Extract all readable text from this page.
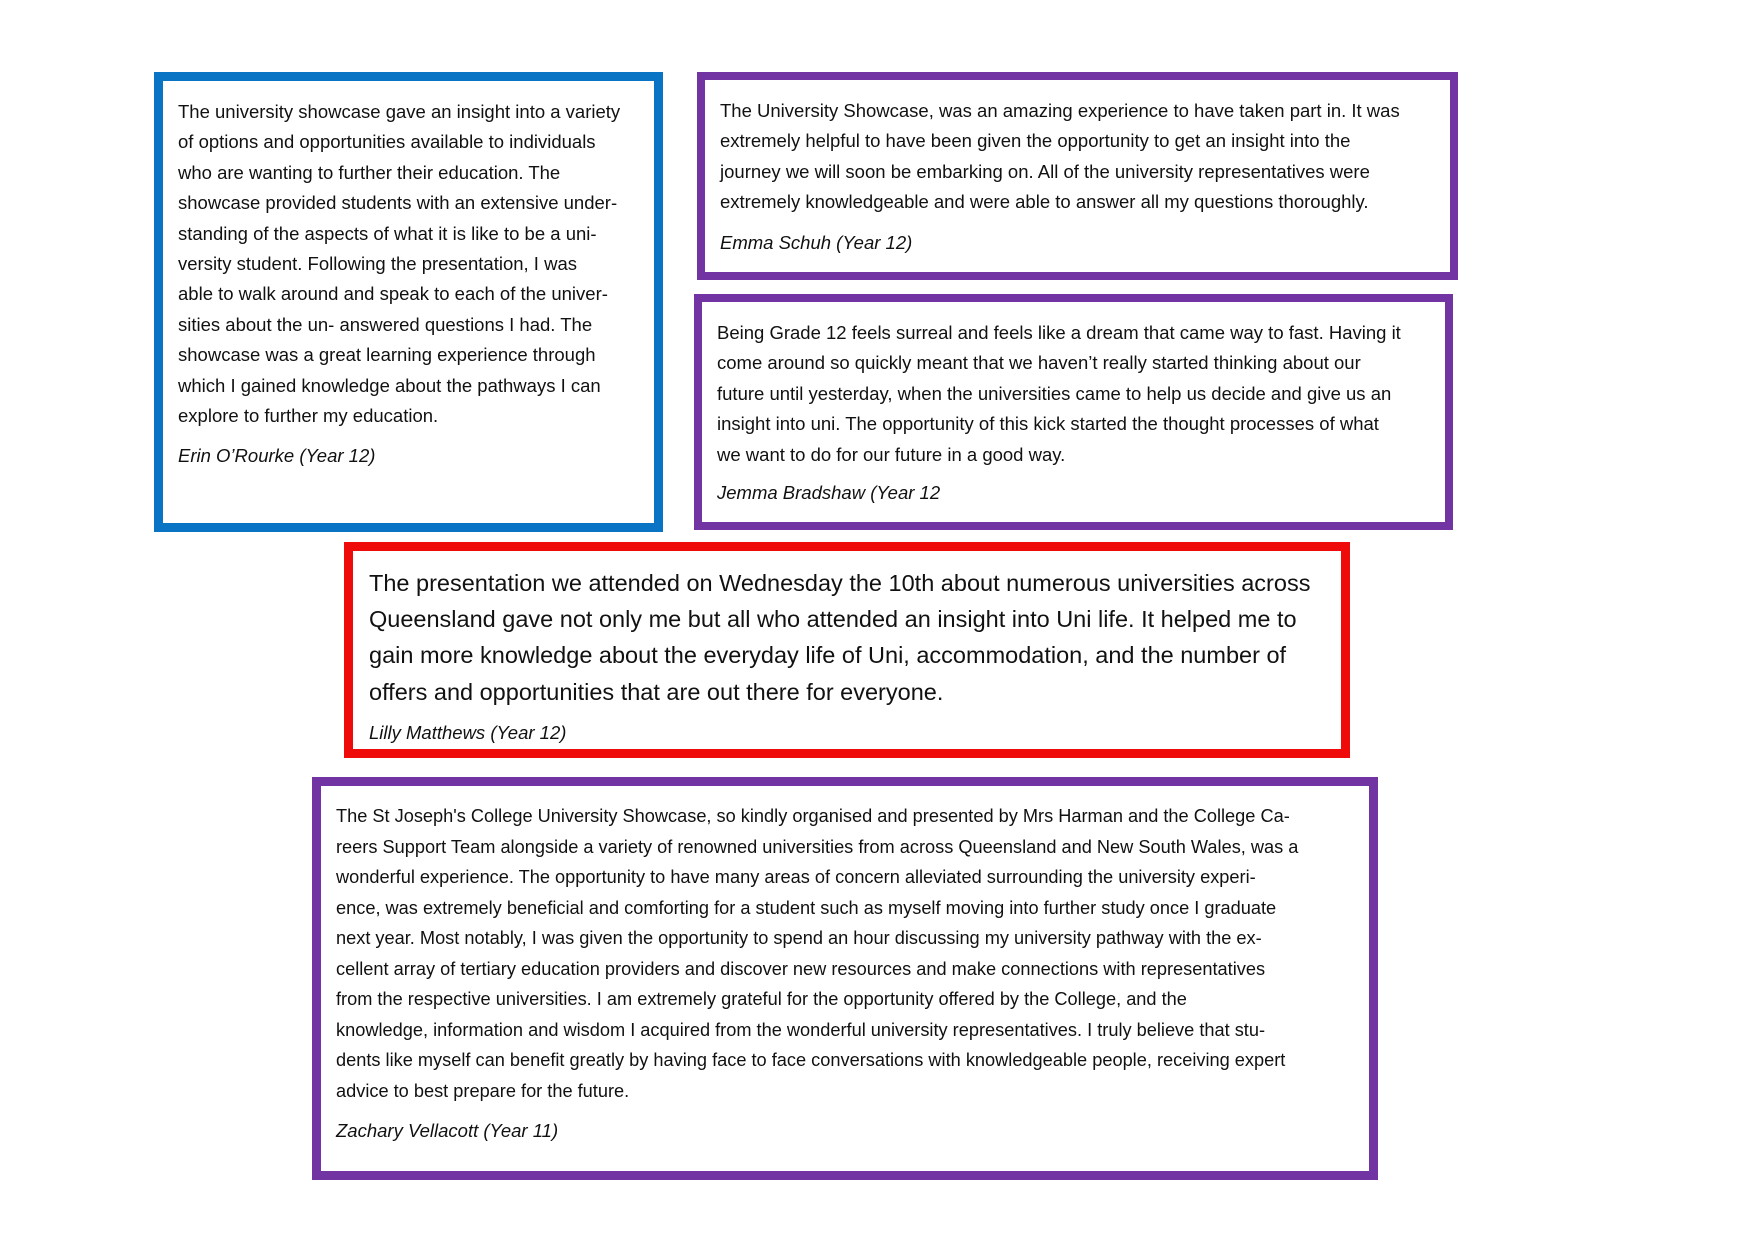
The university showcase gave an insight into a variety
of options and opportunities available to individuals
who are wanting to further their education. The
showcase provided students with an extensive under-
standing of the aspects of what it is like to be a uni-
versity student. Following the presentation, I was
able to walk around and speak to each of the univer-
sities about the un- answered questions I had. The
showcase was a great learning experience through
which I gained knowledge about the pathways I can
explore to further my education.

Erin O’Rourke (Year 12)

The University Showcase, was an amazing experience to have taken part in. It was
extremely helpful to have been given the opportunity to get an insight into the
journey we will soon be embarking on. All of the university representatives were
extremely knowledgeable and were able to answer all my questions thoroughly.

Emma Schuh (Year 12)

Being Grade 12 feels surreal and feels like a dream that came way to fast. Having it
come around so quickly meant that we haven’t really started thinking about our
future until yesterday, when the universities came to help us decide and give us an
insight into uni. The opportunity of this kick started the thought processes of what
we want to do for our future in a good way.

Jemma Bradshaw (Year 12

The presentation we attended on Wednesday the 10th about numerous universities across
Queensland gave not only me but all who attended an insight into Uni life. It helped me to
gain more knowledge about the everyday life of Uni, accommodation, and the number of
offers and opportunities that are out there for everyone.

Lilly Matthews (Year 12)

The St Joseph's College University Showcase, so kindly organised and presented by Mrs Harman and the College Ca-
reers Support Team alongside a variety of renowned universities from across Queensland and New South Wales, was a
wonderful experience. The opportunity to have many areas of concern alleviated surrounding the university experi-
ence, was extremely beneficial and comforting for a student such as myself moving into further study once I graduate
next year. Most notably, I was given the opportunity to spend an hour discussing my university pathway with the ex-
cellent array of tertiary education providers and discover new resources and make connections with representatives
from the respective universities. I am extremely grateful for the opportunity offered by the College, and the
knowledge, information and wisdom I acquired from the wonderful university representatives. I truly believe that stu-
dents like myself can benefit greatly by having face to face conversations with knowledgeable people, receiving expert
advice to best prepare for the future.

Zachary Vellacott (Year 11)
